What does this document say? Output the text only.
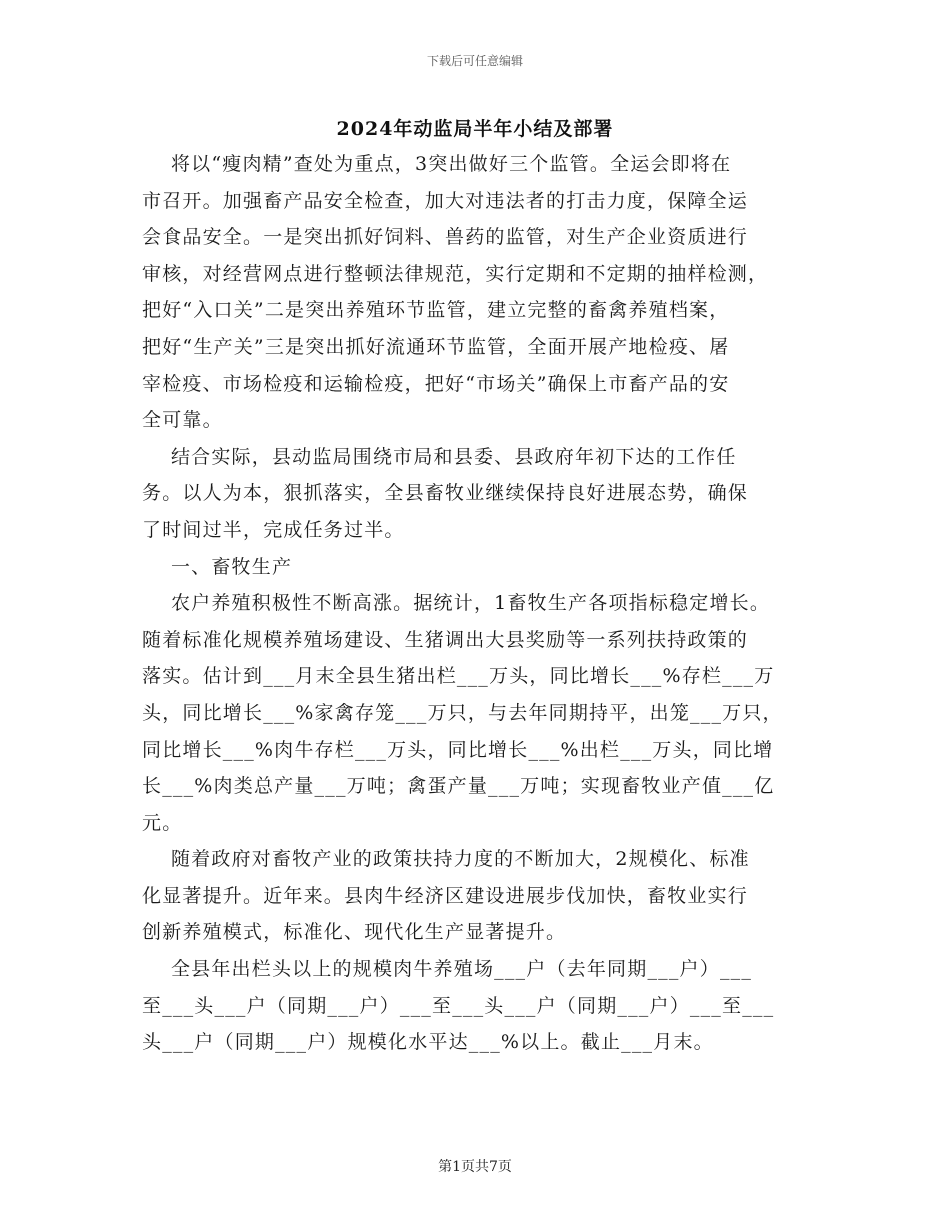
下载后可任意编辑
2024年动监局半年小结及部署
将以“瘦肉精”查处为重点，3突出做好三个监管。全运会即将在
市召开。加强畜产品安全检查，加大对违法者的打击力度，保障全运
会食品安全。一是突出抓好饲料、兽药的监管，对生产企业资质进行
审核，对经营网点进行整顿法律规范，实行定期和不定期的抽样检测，
把好“入口关”二是突出养殖环节监管，建立完整的畜禽养殖档案，
把好“生产关”三是突出抓好流通环节监管，全面开展产地检疫、屠
宰检疫、市场检疫和运输检疫，把好“市场关”确保上市畜产品的安
全可靠。
结合实际，县动监局围绕市局和县委、县政府年初下达的工作任
务。以人为本，狠抓落实，全县畜牧业继续保持良好进展态势，确保
了时间过半，完成任务过半。
一、畜牧生产
农户养殖积极性不断高涨。据统计，1畜牧生产各项指标稳定增长。
随着标准化规模养殖场建设、生猪调出大县奖励等一系列扶持政策的
落实。估计到___月末全县生猪出栏___万头，同比增长___%存栏___万
头，同比增长___%家禽存笼___万只，与去年同期持平，出笼___万只，
同比增长___%肉牛存栏___万头，同比增长___%出栏___万头，同比增
长___%肉类总产量___万吨；禽蛋产量___万吨；实现畜牧业产值___亿
元。
随着政府对畜牧产业的政策扶持力度的不断加大，2规模化、标准
化显著提升。近年来。县肉牛经济区建设进展步伐加快，畜牧业实行
创新养殖模式，标准化、现代化生产显著提升。
全县年出栏头以上的规模肉牛养殖场___户（去年同期___户）___
至___头___户（同期___户）___至___头___户（同期___户）___至___
头___户（同期___户）规模化水平达___%以上。截止___月末。
第1页共7页
